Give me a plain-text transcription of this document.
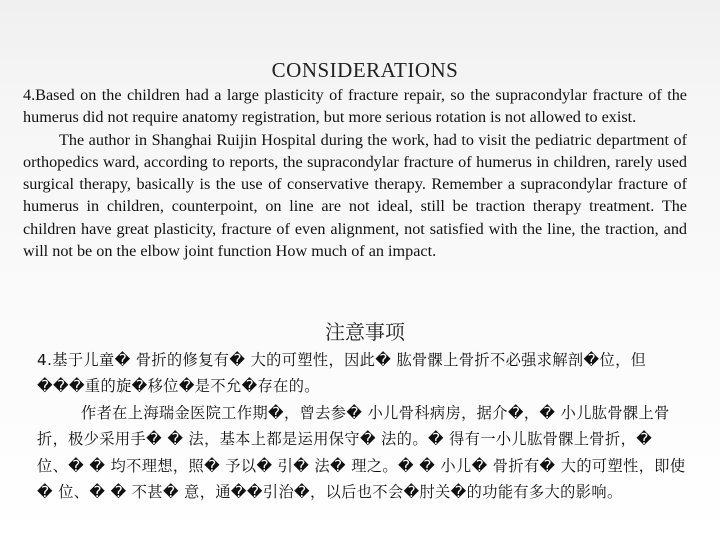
CONSIDERATIONS

4.Based on the children had a large plasticity of fracture repair, so the supracondylar fracture of the humerus did not require anatomy registration, but more serious rotation is not allowed to exist.

The author in Shanghai Ruijin Hospital during the work, had to visit the pediatric department of orthopedics ward, according to reports, the supracondylar fracture of humerus in children, rarely used surgical therapy, basically is the use of conservative therapy. Remember a supracondylar fracture of humerus in children, counterpoint, on line are not ideal, still be traction therapy treatment. The children have great plasticity, fracture of even alignment, not satisfied with the line, the traction, and will not be on the elbow joint function How much of an impact.

注意事项

4.基于儿童� 骨折的修复有� 大的可塑性，因此� 肱骨髁上骨折不必强求解剖�位，但���重的旋�移位�是不允�存在的。

作者在上海瑞金医院工作期�，曾去参� 小儿骨科病房，据介�，� 小儿肱骨髁上骨折，极少采用手� � 法，基本上都是运用保守� 法的。� 得有一小儿肱骨髁上骨折，� 位、� � 均不理想，照� 予以� 引� 法� 理之。� � 小儿� 骨折有� 大的可塑性，即使� 位、� � 不甚� 意，通��引治�，以后也不会�肘关�的功能有多大的影响。
